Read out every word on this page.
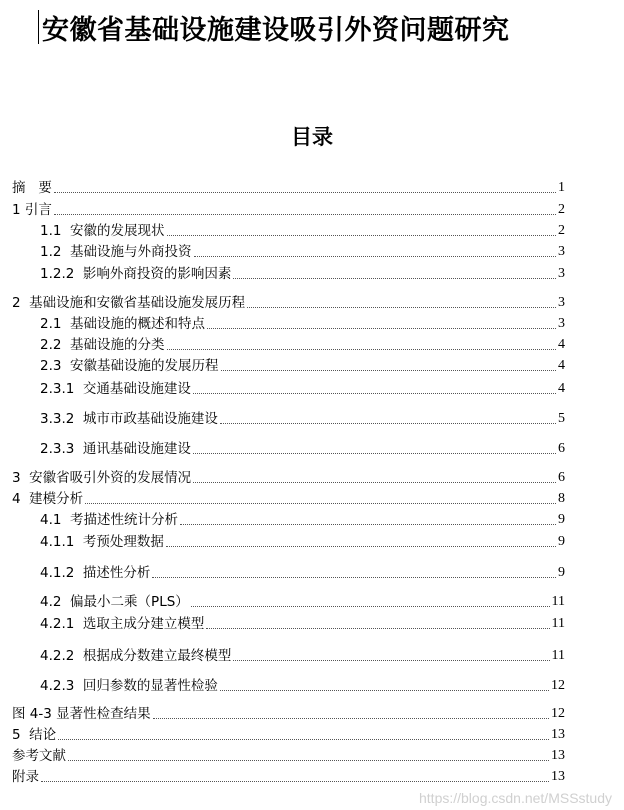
安徽省基础设施建设吸引外资问题研究
目录
摘   要	1
1 引言	2
1.1  安徽的发展现状	2
1.2  基础设施与外商投资	3
1.2.2  影响外商投资的影响因素	3
2  基础设施和安徽省基础设施发展历程	3
2.1  基础设施的概述和特点	3
2.2  基础设施的分类	4
2.3  安徽基础设施的发展历程	4
2.3.1  交通基础设施建设	4
3.3.2  城市市政基础设施建设	5
2.3.3  通讯基础设施建设	6
3  安徽省吸引外资的发展情况	6
4  建模分析	8
4.1  考描述性统计分析	9
4.1.1  考预处理数据	9
4.1.2  描述性分析	9
4.2  偏最小二乘（PLS）	11
4.2.1  选取主成分建立模型	11
4.2.2  根据成分数建立最终模型	11
4.2.3  回归参数的显著性检验	12
图 4-3 显著性检查结果	12
5  结论	13
参考文献	13
附录	13
https://blog.csdn.net/MSSstudy
